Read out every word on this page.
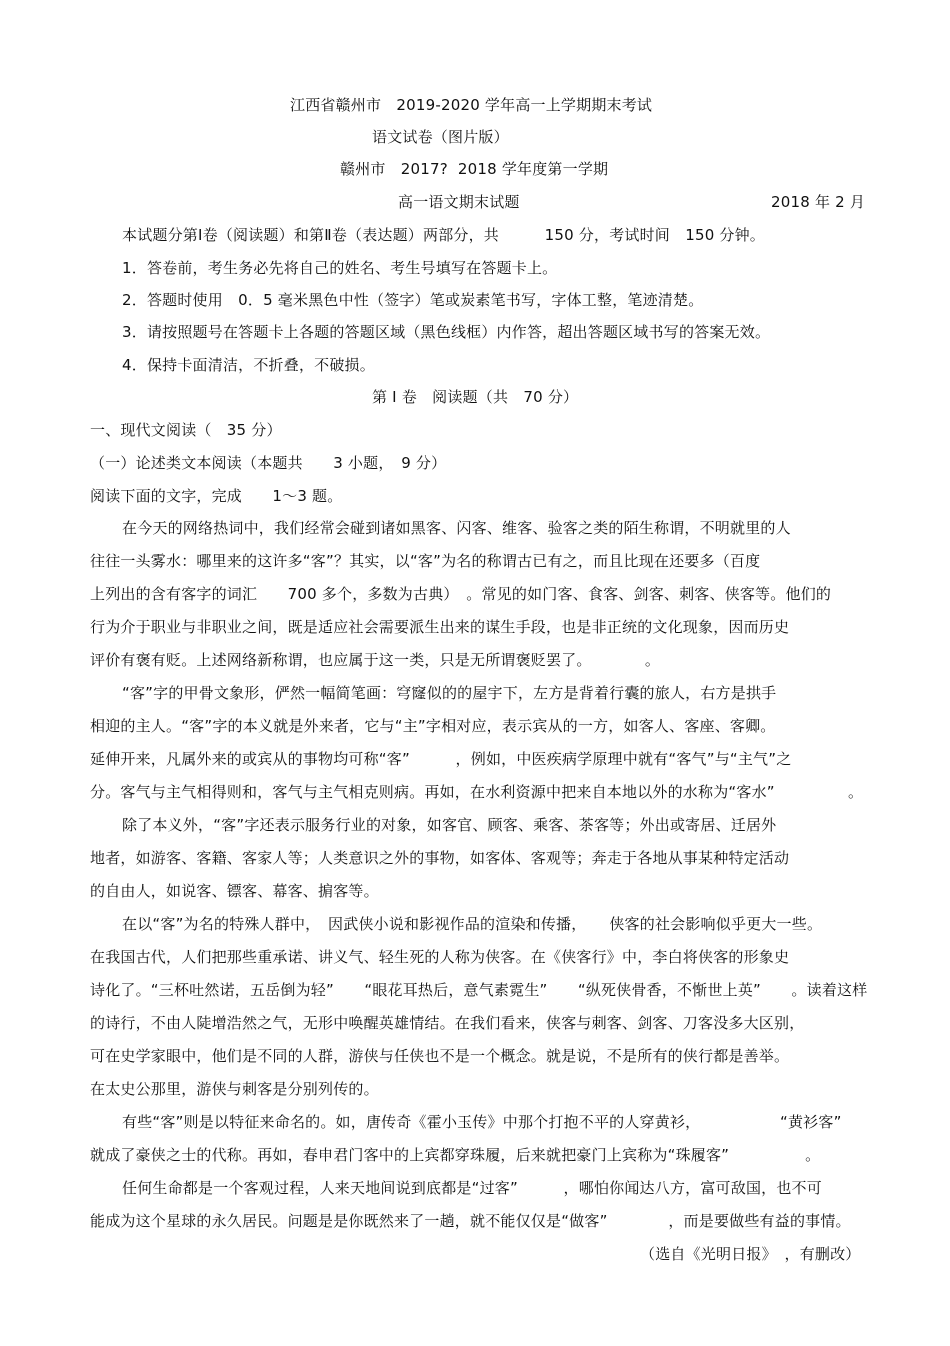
江西省赣州市　2019-2020 学年高一上学期期末考试
语文试卷（图片版）
赣州市　2017?  2018 学年度第一学期
高一语文期末试题	2018 年 2 月
本试题分第Ⅰ卷（阅读题）和第Ⅱ卷（表达题）两部分，共　　　150 分，考试时间　150 分钟。
1．答卷前，考生务必先将自己的姓名、考生号填写在答题卡上。
2．答题时使用　0．5 毫米黑色中性（签字）笔或炭素笔书写，字体工整，笔迹清楚。
3．请按照题号在答题卡上各题的答题区域（黑色线框）内作答，超出答题区域书写的答案无效。
4．保持卡面清洁，不折叠，不破损。
第 Ⅰ 卷　阅读题（共　70 分）
一、现代文阅读（　35 分）
（一）论述类文本阅读（本题共　　3 小题，　9 分）
阅读下面的文字，完成　　1～3 题。
在今天的网络热词中，我们经常会碰到诸如黑客、闪客、维客、验客之类的陌生称谓，不明就里的人
往往一头雾水：哪里来的这许多“客”？其实，以“客”为名的称谓古已有之，而且比现在还要多（百度
上列出的含有客字的词汇　　700 多个，多数为古典）　。常见的如门客、食客、剑客、刺客、侠客等。他们的
行为介于职业与非职业之间，既是适应社会需要派生出来的谋生手段，也是非正统的文化现象，因而历史
评价有褒有贬。上述网络新称谓，也应属于这一类，只是无所谓褒贬罢了。　　　　。
“客”字的甲骨文象形，俨然一幅简笔画：穹窿似的的屋宇下，左方是背着行囊的旅人，右方是拱手
相迎的主人。“客”字的本义就是外来者，它与“主”字相对应，表示宾从的一方，如客人、客座、客卿。
延伸开来，凡属外来的或宾从的事物均可称“客”　　　，例如，中医疾病学原理中就有“客气”与“主气”之
分。客气与主气相得则和，客气与主气相克则病。再如，在水利资源中把来自本地以外的水称为“客水”	。
除了本义外，“客”字还表示服务行业的对象，如客官、顾客、乘客、茶客等；外出或寄居、迁居外
地者，如游客、客籍、客家人等；人类意识之外的事物，如客体、客观等；奔走于各地从事某种特定活动
的自由人，如说客、镖客、幕客、掮客等。
在以“客”为名的特殊人群中，　因武侠小说和影视作品的渲染和传播，　　侠客的社会影响似乎更大一些。
在我国古代，人们把那些重承诺、讲义气、轻生死的人称为侠客。在《侠客行》中，李白将侠客的形象史
诗化了。“三杯吐然诺，五岳倒为轻”　　“眼花耳热后，意气素霓生”　　“纵死侠骨香，不惭世上英”　　。读着这样
的诗行，不由人陡增浩然之气，无形中唤醒英雄情结。在我们看来，侠客与刺客、剑客、刀客没多大区别，
可在史学家眼中，他们是不同的人群，游侠与任侠也不是一个概念。就是说，不是所有的侠行都是善举。
在太史公那里，游侠与刺客是分别列传的。
有些“客”则是以特征来命名的。如，唐传奇《霍小玉传》中那个打抱不平的人穿黄衫，	“黄衫客”
就成了豪侠之士的代称。再如，春申君门客中的上宾都穿珠履，后来就把豪门上宾称为“珠履客”　　　　　。
任何生命都是一个客观过程，人来天地间说到底都是“过客”　　　，哪怕你闻达八方，富可敌国，也不可
能成为这个星球的永久居民。问题是是你既然来了一趟，就不能仅仅是“做客”　　　　，而是要做些有益的事情。
（选自《光明日报》　，有删改）
